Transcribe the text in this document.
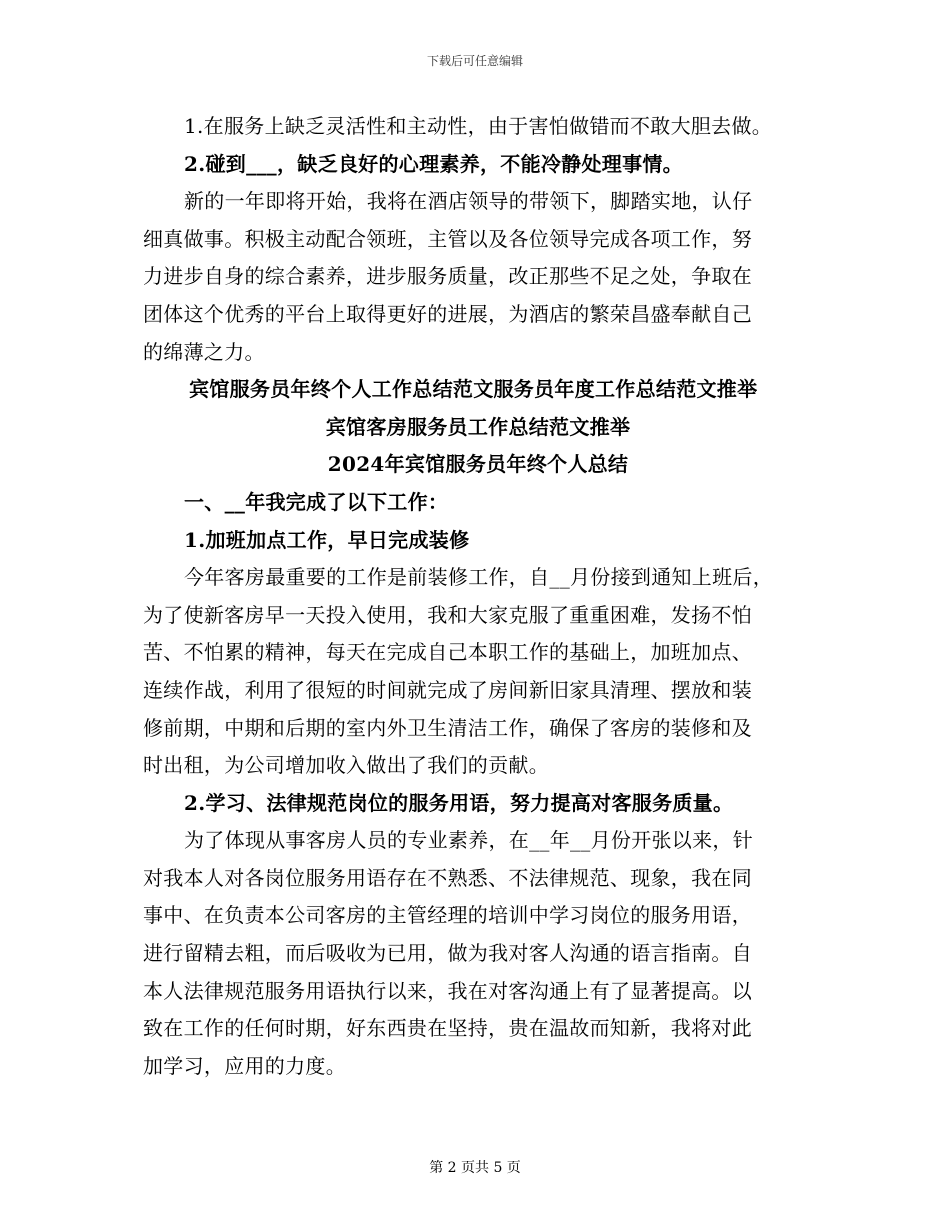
下载后可任意编辑
1.在服务上缺乏灵活性和主动性，由于害怕做错而不敢大胆去做。
2.碰到___，缺乏良好的心理素养，不能冷静处理事情。
新的一年即将开始，我将在酒店领导的带领下，脚踏实地，认仔
细真做事。积极主动配合领班，主管以及各位领导完成各项工作，努
力进步自身的综合素养，进步服务质量，改正那些不足之处，争取在
团体这个优秀的平台上取得更好的进展，为酒店的繁荣昌盛奉献自己
的绵薄之力。
宾馆服务员年终个人工作总结范文服务员年度工作总结范文推举
宾馆客房服务员工作总结范文推举
2024年宾馆服务员年终个人总结
一、__年我完成了以下工作：
1.加班加点工作，早日完成装修
今年客房最重要的工作是前装修工作，自__月份接到通知上班后，
为了使新客房早一天投入使用，我和大家克服了重重困难，发扬不怕
苦、不怕累的精神，每天在完成自己本职工作的基础上，加班加点、
连续作战，利用了很短的时间就完成了房间新旧家具清理、摆放和装
修前期，中期和后期的室内外卫生清洁工作，确保了客房的装修和及
时出租，为公司增加收入做出了我们的贡献。
2.学习、法律规范岗位的服务用语，努力提高对客服务质量。
为了体现从事客房人员的专业素养，在__年__月份开张以来，针
对我本人对各岗位服务用语存在不熟悉、不法律规范、现象，我在同
事中、在负责本公司客房的主管经理的培训中学习岗位的服务用语，
进行留精去粗，而后吸收为已用，做为我对客人沟通的语言指南。自
本人法律规范服务用语执行以来，我在对客沟通上有了显著提高。以
致在工作的任何时期，好东西贵在坚持，贵在温故而知新，我将对此
加学习，应用的力度。
第 2 页共 5 页
